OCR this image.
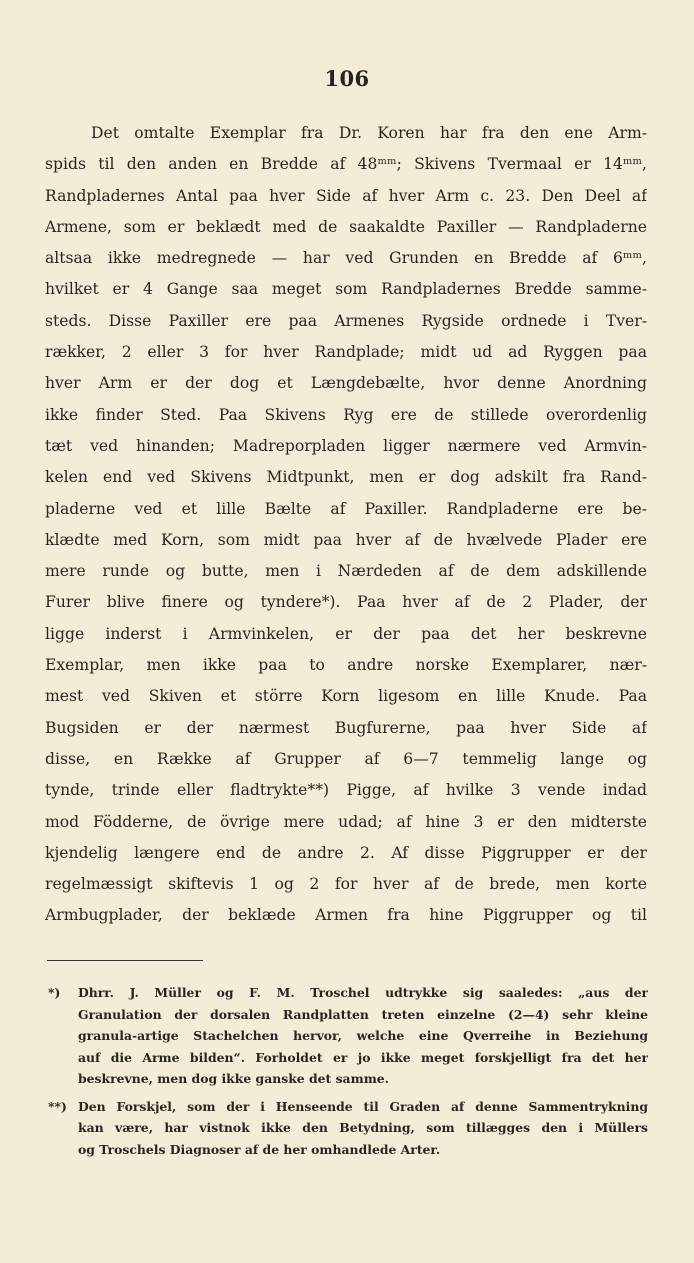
106
Det omtalte Exemplar fra Dr. Koren har fra den ene Arm-
spids til den anden en Bredde af 48ᵐᵐ; Skivens Tvermaal er 14ᵐᵐ,
Randpladernes Antal paa hver Side af hver Arm c. 23. Den Deel af
Armene, som er beklædt med de saakaldte Paxiller — Randpladerne
altsaa ikke medregnede — har ved Grunden en Bredde af 6ᵐᵐ,
hvilket er 4 Gange saa meget som Randpladernes Bredde samme-
steds. Disse Paxiller ere paa Armenes Rygside ordnede i Tver-
rækker, 2 eller 3 for hver Randplade; midt ud ad Ryggen paa
hver Arm er der dog et Længdebælte, hvor denne Anordning
ikke finder Sted. Paa Skivens Ryg ere de stillede overordenlig
tæt ved hinanden; Madreporpladen ligger nærmere ved Armvin-
kelen end ved Skivens Midtpunkt, men er dog adskilt fra Rand-
pladerne ved et lille Bælte af Paxiller. Randpladerne ere be-
klædte med Korn, som midt paa hver af de hvælvede Plader ere
mere runde og butte, men i Nærdeden af de dem adskillende
Furer blive finere og tyndere*). Paa hver af de 2 Plader, der
ligge inderst i Armvinkelen, er der paa det her beskrevne
Exemplar, men ikke paa to andre norske Exemplarer, nær-
mest ved Skiven et större Korn ligesom en lille Knude. Paa
Bugsiden er der nærmest Bugfurerne, paa hver Side af
disse, en Række af Grupper af 6—7 temmelig lange og
tynde, trinde eller fladtrykte**) Pigge, af hvilke 3 vende indad
mod Födderne, de övrige mere udad; af hine 3 er den midterste
kjendelig længere end de andre 2. Af disse Piggrupper er der
regelmæssigt skiftevis 1 og 2 for hver af de brede, men korte
Armbugplader, der beklæde Armen fra hine Piggrupper og til
*) Dhrr. J. Müller og F. M. Troschel udtrykke sig saaledes: „aus der
Granulation der dorsalen Randplatten treten einzelne (2—4) sehr kleine
granula-artige Stachelchen hervor, welche eine Qverreihe in Beziehung
auf die Arme bilden“. Forholdet er jo ikke meget forskjelligt fra det her
beskrevne, men dog ikke ganske det samme.
**) Den Forskjel, som der i Henseende til Graden af denne Sammentrykning
kan være, har vistnok ikke den Betydning, som tillægges den i Müllers
og Troschels Diagnoser af de her omhandlede Arter.
